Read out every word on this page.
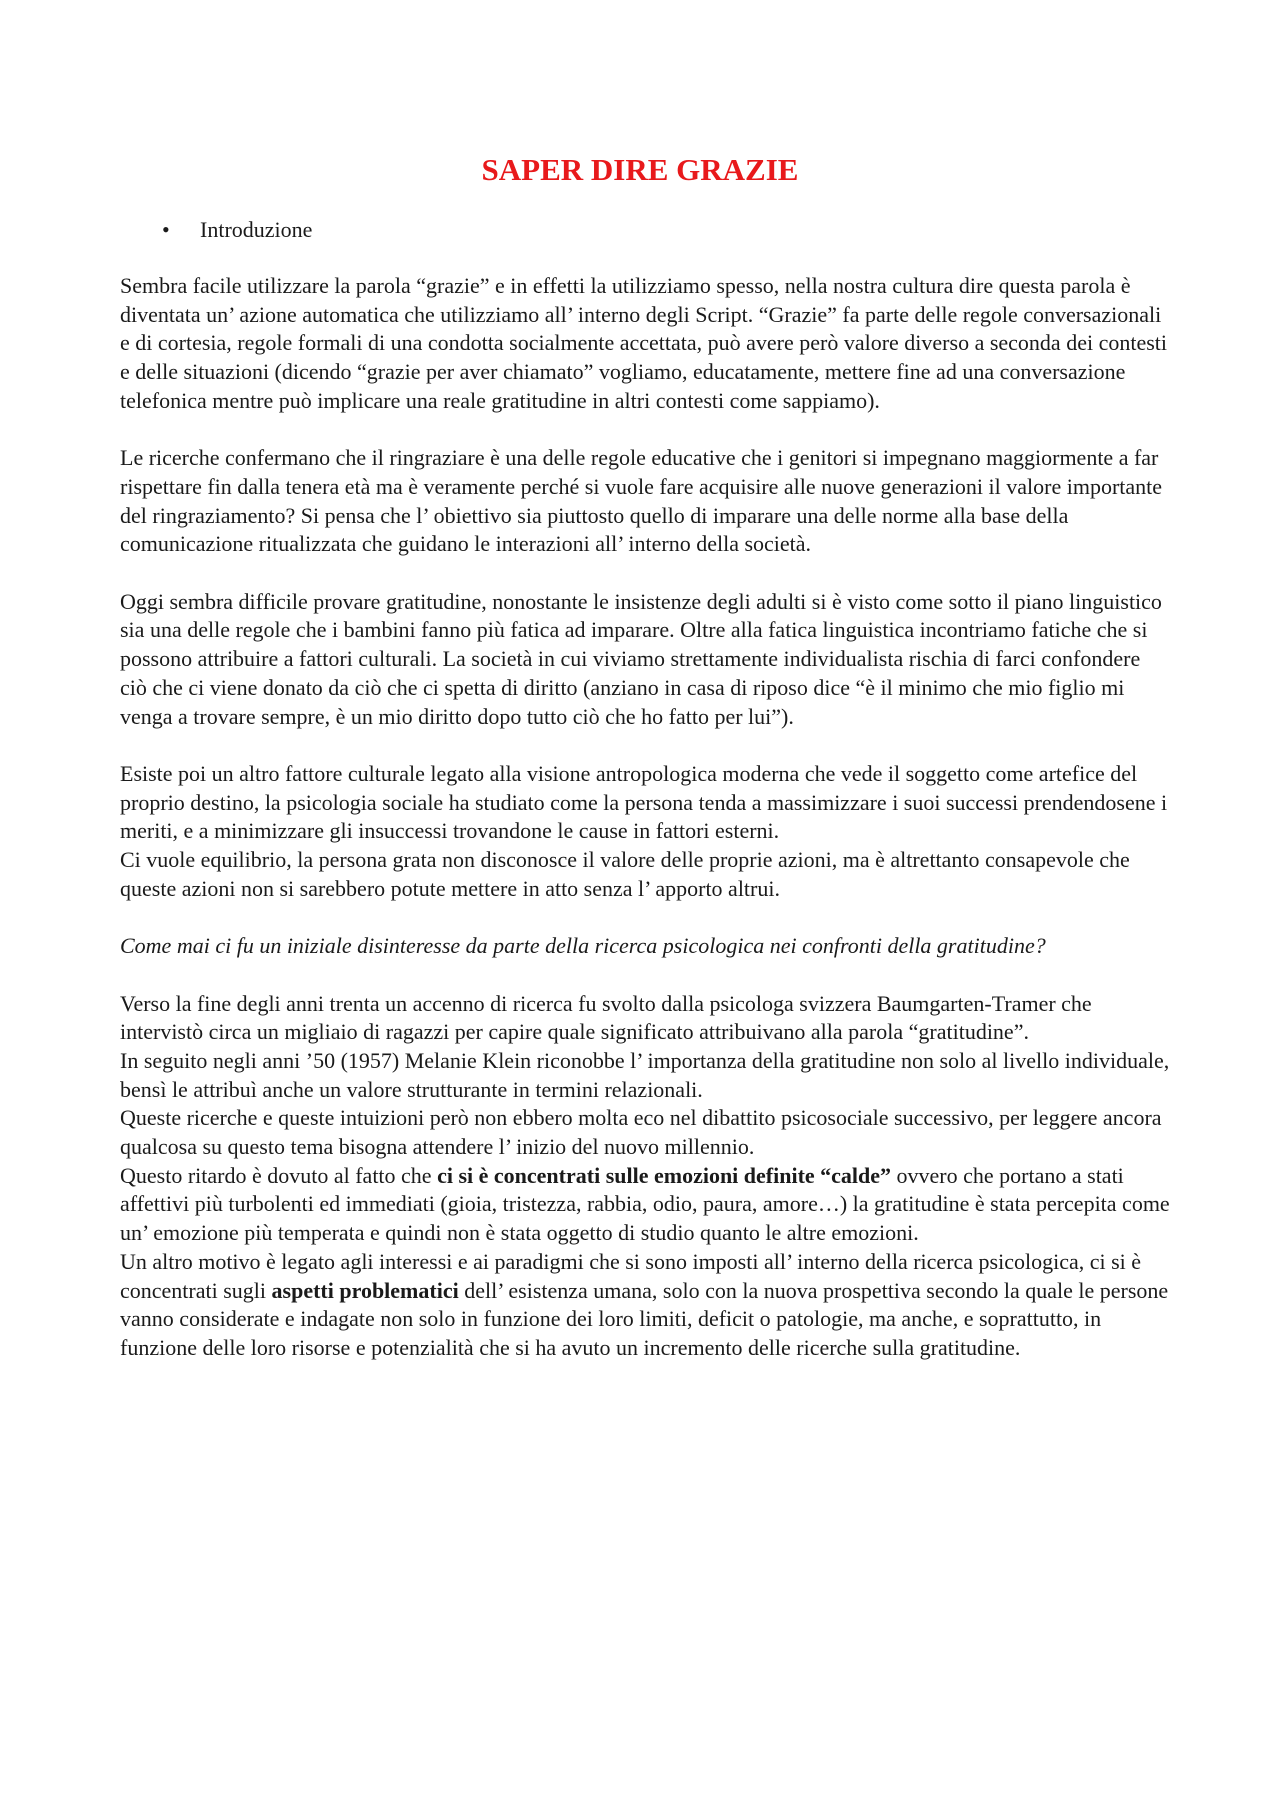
SAPER DIRE GRAZIE
• Introduzione

Sembra facile utilizzare la parola “grazie” e in effetti la utilizziamo spesso, nella nostra cultura dire questa parola è diventata un’ azione automatica che utilizziamo all’ interno degli Script. “Grazie” fa parte delle regole conversazionali e di cortesia, regole formali di una condotta socialmente accettata, può avere però valore diverso a seconda dei contesti e delle situazioni (dicendo “grazie per aver chiamato” vogliamo, educatamente, mettere fine ad una conversazione telefonica mentre può implicare una reale gratitudine in altri contesti come sappiamo).

Le ricerche confermano che il ringraziare è una delle regole educative che i genitori si impegnano maggiormente a far rispettare fin dalla tenera età ma è veramente perché si vuole fare acquisire alle nuove generazioni il valore importante del ringraziamento? Si pensa che l’ obiettivo sia piuttosto quello di imparare una delle norme alla base della comunicazione ritualizzata che guidano le interazioni all’ interno della società.

Oggi sembra difficile provare gratitudine, nonostante le insistenze degli adulti si è visto come sotto il piano linguistico sia una delle regole che i bambini fanno più fatica ad imparare. Oltre alla fatica linguistica incontriamo fatiche che si possono attribuire a fattori culturali. La società in cui viviamo strettamente individualista rischia di farci confondere ciò che ci viene donato da ciò che ci spetta di diritto (anziano in casa di riposo dice “è il minimo che mio figlio mi venga a trovare sempre, è un mio diritto dopo tutto ciò che ho fatto per lui”).

Esiste poi un altro fattore culturale legato alla visione antropologica moderna che vede il soggetto come artefice del proprio destino, la psicologia sociale ha studiato come la persona tenda a massimizzare i suoi successi prendendosene i meriti, e a minimizzare gli insuccessi trovandone le cause in fattori esterni.

Ci vuole equilibrio, la persona grata non disconosce il valore delle proprie azioni, ma è altrettanto consapevole che queste azioni non si sarebbero potute mettere in atto senza l’ apporto altrui.

Come mai ci fu un iniziale disinteresse da parte della ricerca psicologica nei confronti della gratitudine?

Verso la fine degli anni trenta un accenno di ricerca fu svolto dalla psicologa svizzera Baumgarten-Tramer che intervistò circa un migliaio di ragazzi per capire quale significato attribuivano alla parola “gratitudine”.

In seguito negli anni ’50 (1957) Melanie Klein riconobbe l’ importanza della gratitudine non solo al livello individuale, bensì le attribuì anche un valore strutturante in termini relazionali.

Queste ricerche e queste intuizioni però non ebbero molta eco nel dibattito psicosociale successivo, per leggere ancora qualcosa su questo tema bisogna attendere l’ inizio del nuovo millennio.

Questo ritardo è dovuto al fatto che ci si è concentrati sulle emozioni definite “calde” ovvero che portano a stati affettivi più turbolenti ed immediati (gioia, tristezza, rabbia, odio, paura, amore…) la gratitudine è stata percepita come un’ emozione più temperata e quindi non è stata oggetto di studio quanto le altre emozioni.

Un altro motivo è legato agli interessi e ai paradigmi che si sono imposti all’ interno della ricerca psicologica, ci si è concentrati sugli aspetti problematici dell’ esistenza umana, solo con la nuova prospettiva secondo la quale le persone vanno considerate e indagate non solo in funzione dei loro limiti, deficit o patologie, ma anche, e soprattutto, in funzione delle loro risorse e potenzialità che si ha avuto un incremento delle ricerche sulla gratitudine.
